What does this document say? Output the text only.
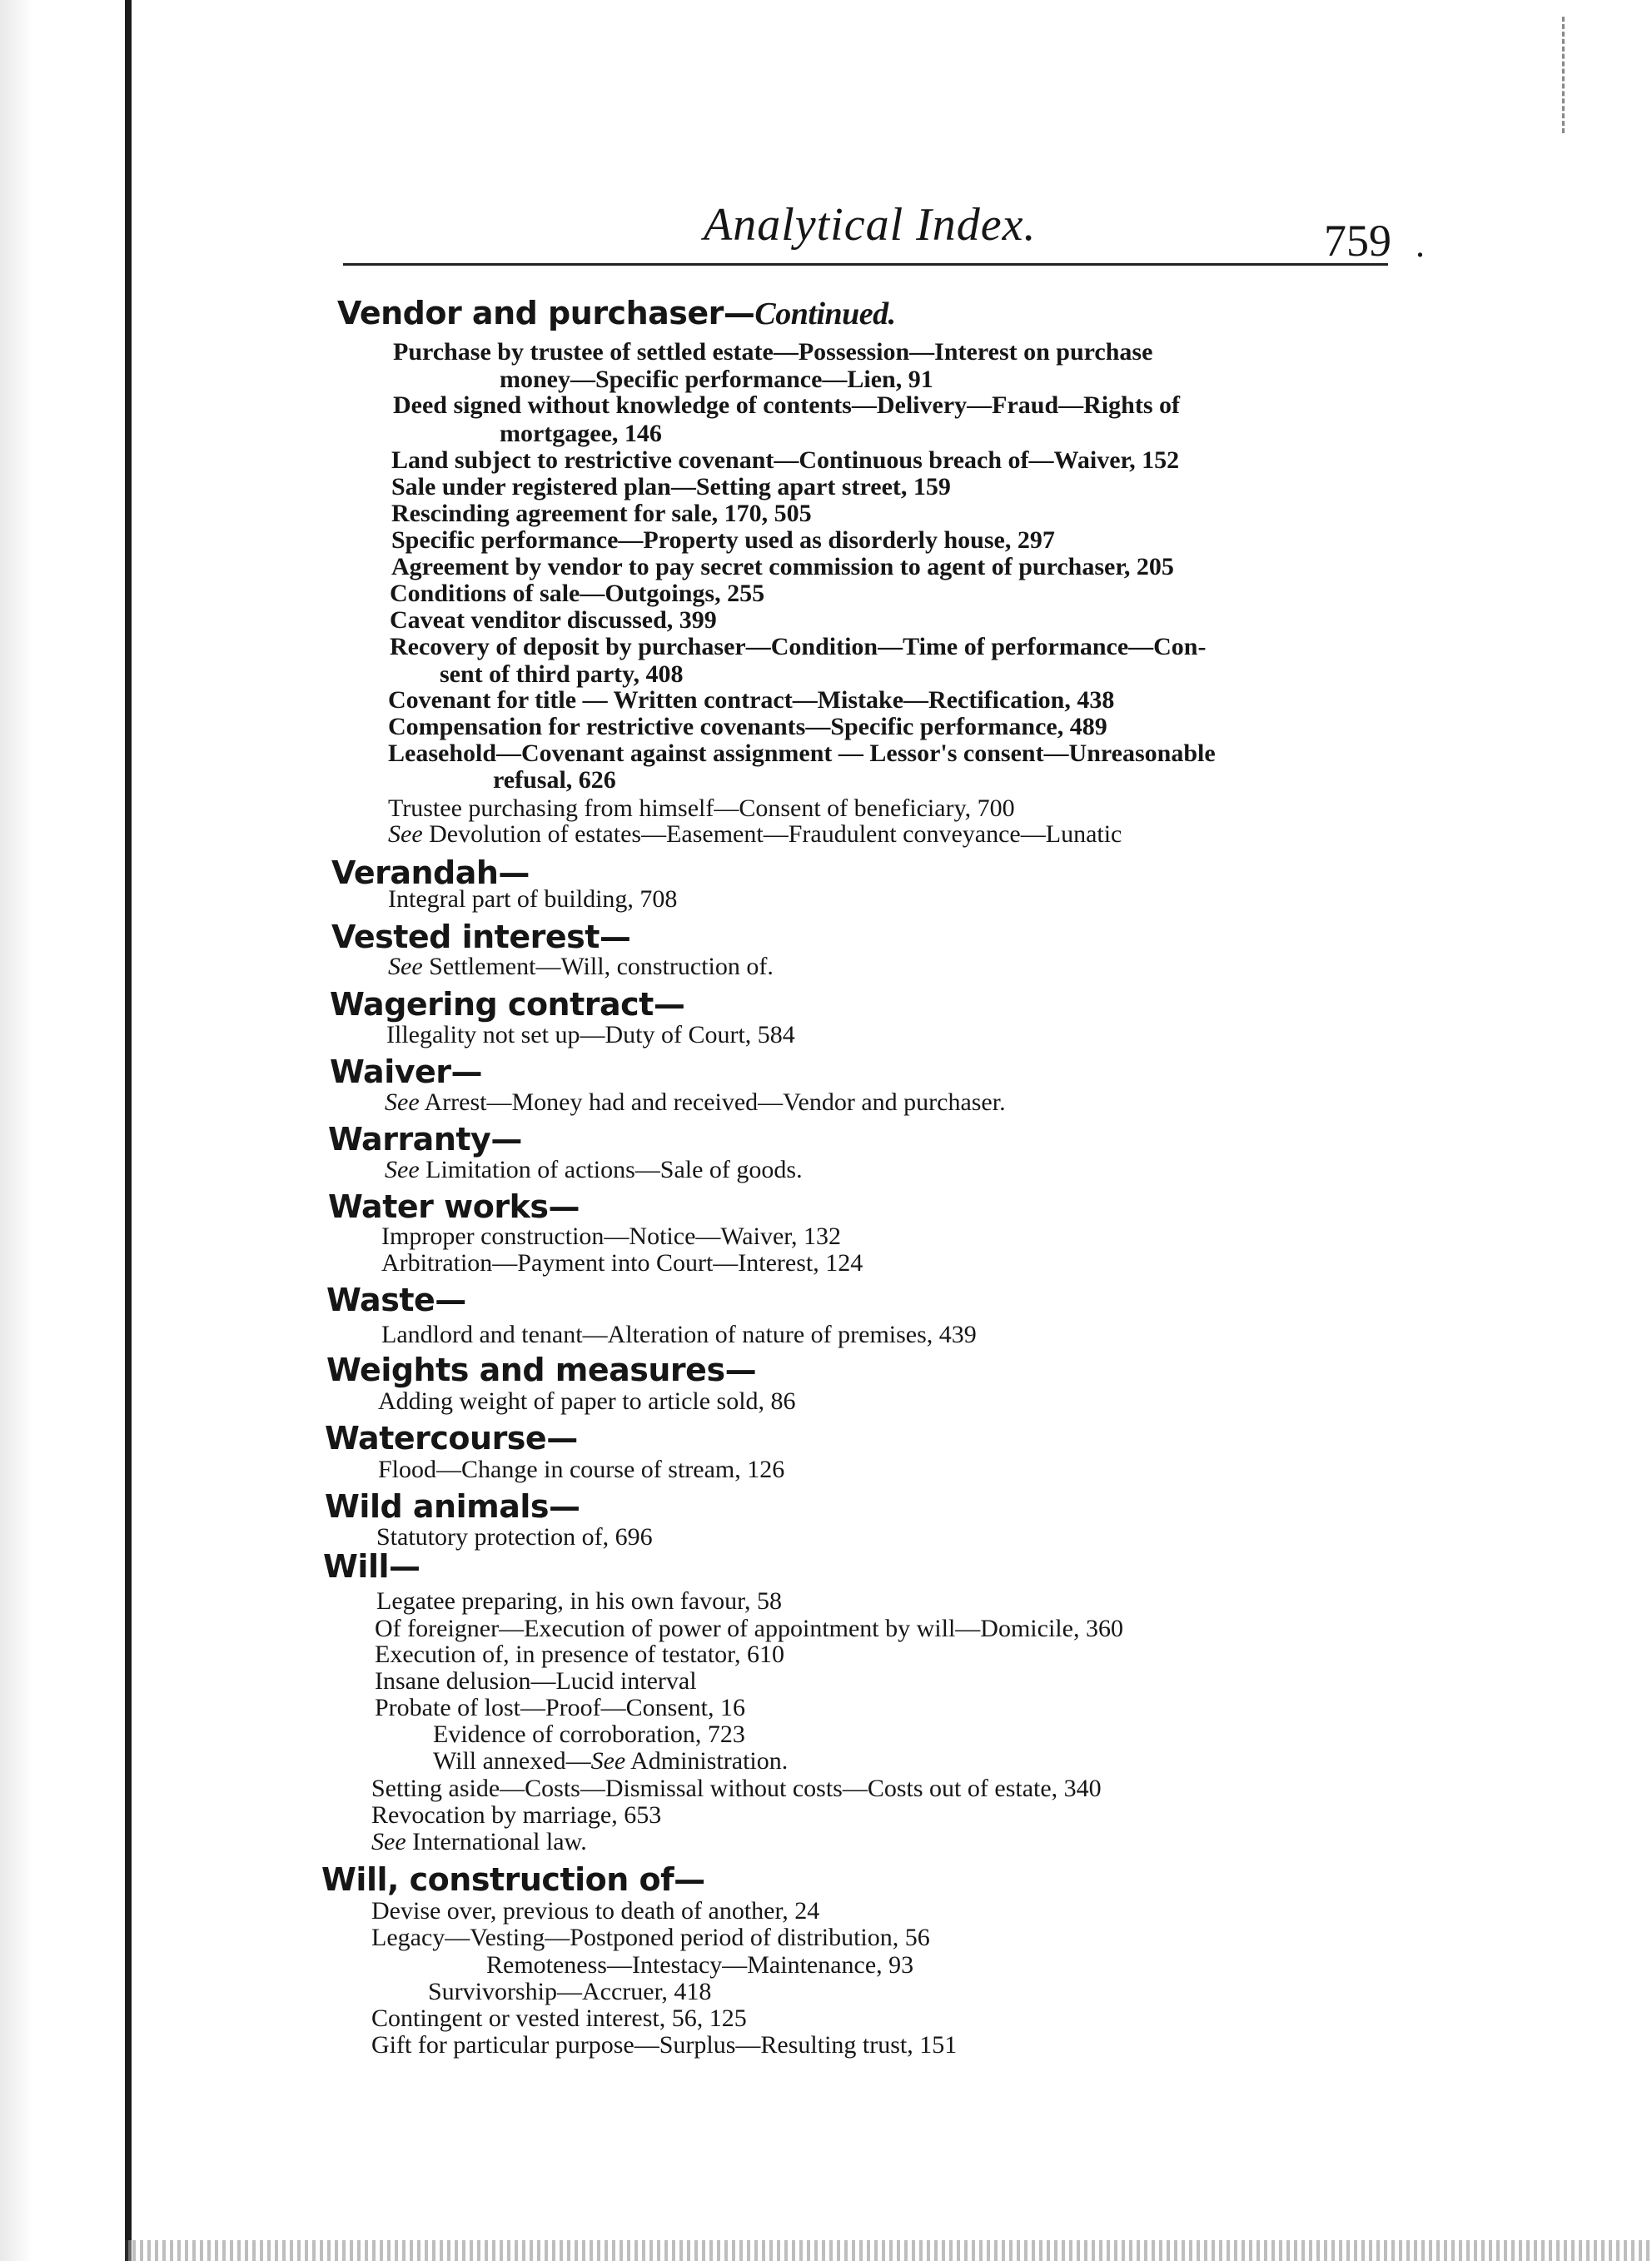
Analytical Index.	759 .
Vendor and purchaser—Continued.
Purchase by trustee of settled estate—Possession—Interest on purchase
money—Specific performance—Lien, 91
Deed signed without knowledge of contents—Delivery—Fraud—Rights of
mortgagee, 146
Land subject to restrictive covenant—Continuous breach of—Waiver, 152
Sale under registered plan—Setting apart street, 159
Rescinding agreement for sale, 170, 505
Specific performance—Property used as disorderly house, 297
Agreement by vendor to pay secret commission to agent of purchaser, 205
Conditions of sale—Outgoings, 255
Caveat venditor discussed, 399
Recovery of deposit by purchaser—Condition—Time of performance—Con-
sent of third party, 408
Covenant for title — Written contract—Mistake—Rectification, 438
Compensation for restrictive covenants—Specific performance, 489
Leasehold—Covenant against assignment — Lessor's consent—Unreasonable
refusal, 626
Trustee purchasing from himself—Consent of beneficiary, 700
See Devolution of estates—Easement—Fraudulent conveyance—Lunatic
Verandah—
Integral part of building, 708
Vested interest—
See Settlement—Will, construction of.
Wagering contract—
Illegality not set up—Duty of Court, 584
Waiver—
See Arrest—Money had and received—Vendor and purchaser.
Warranty—
See Limitation of actions—Sale of goods.
Water works—
Improper construction—Notice—Waiver, 132
Arbitration—Payment into Court—Interest, 124
Waste—
Landlord and tenant—Alteration of nature of premises, 439
Weights and measures—
Adding weight of paper to article sold, 86
Watercourse—
Flood—Change in course of stream, 126
Wild animals—
Statutory protection of, 696
Will—
Legatee preparing, in his own favour, 58
Of foreigner—Execution of power of appointment by will—Domicile, 360
Execution of, in presence of testator, 610
Insane delusion—Lucid interval
Probate of lost—Proof—Consent, 16
Evidence of corroboration, 723
Will annexed—See Administration.
Setting aside—Costs—Dismissal without costs—Costs out of estate, 340
Revocation by marriage, 653
See International law.
Will, construction of—
Devise over, previous to death of another, 24
Legacy—Vesting—Postponed period of distribution, 56
Remoteness—Intestacy—Maintenance, 93
Survivorship—Accruer, 418
Contingent or vested interest, 56, 125
Gift for particular purpose—Surplus—Resulting trust, 151
